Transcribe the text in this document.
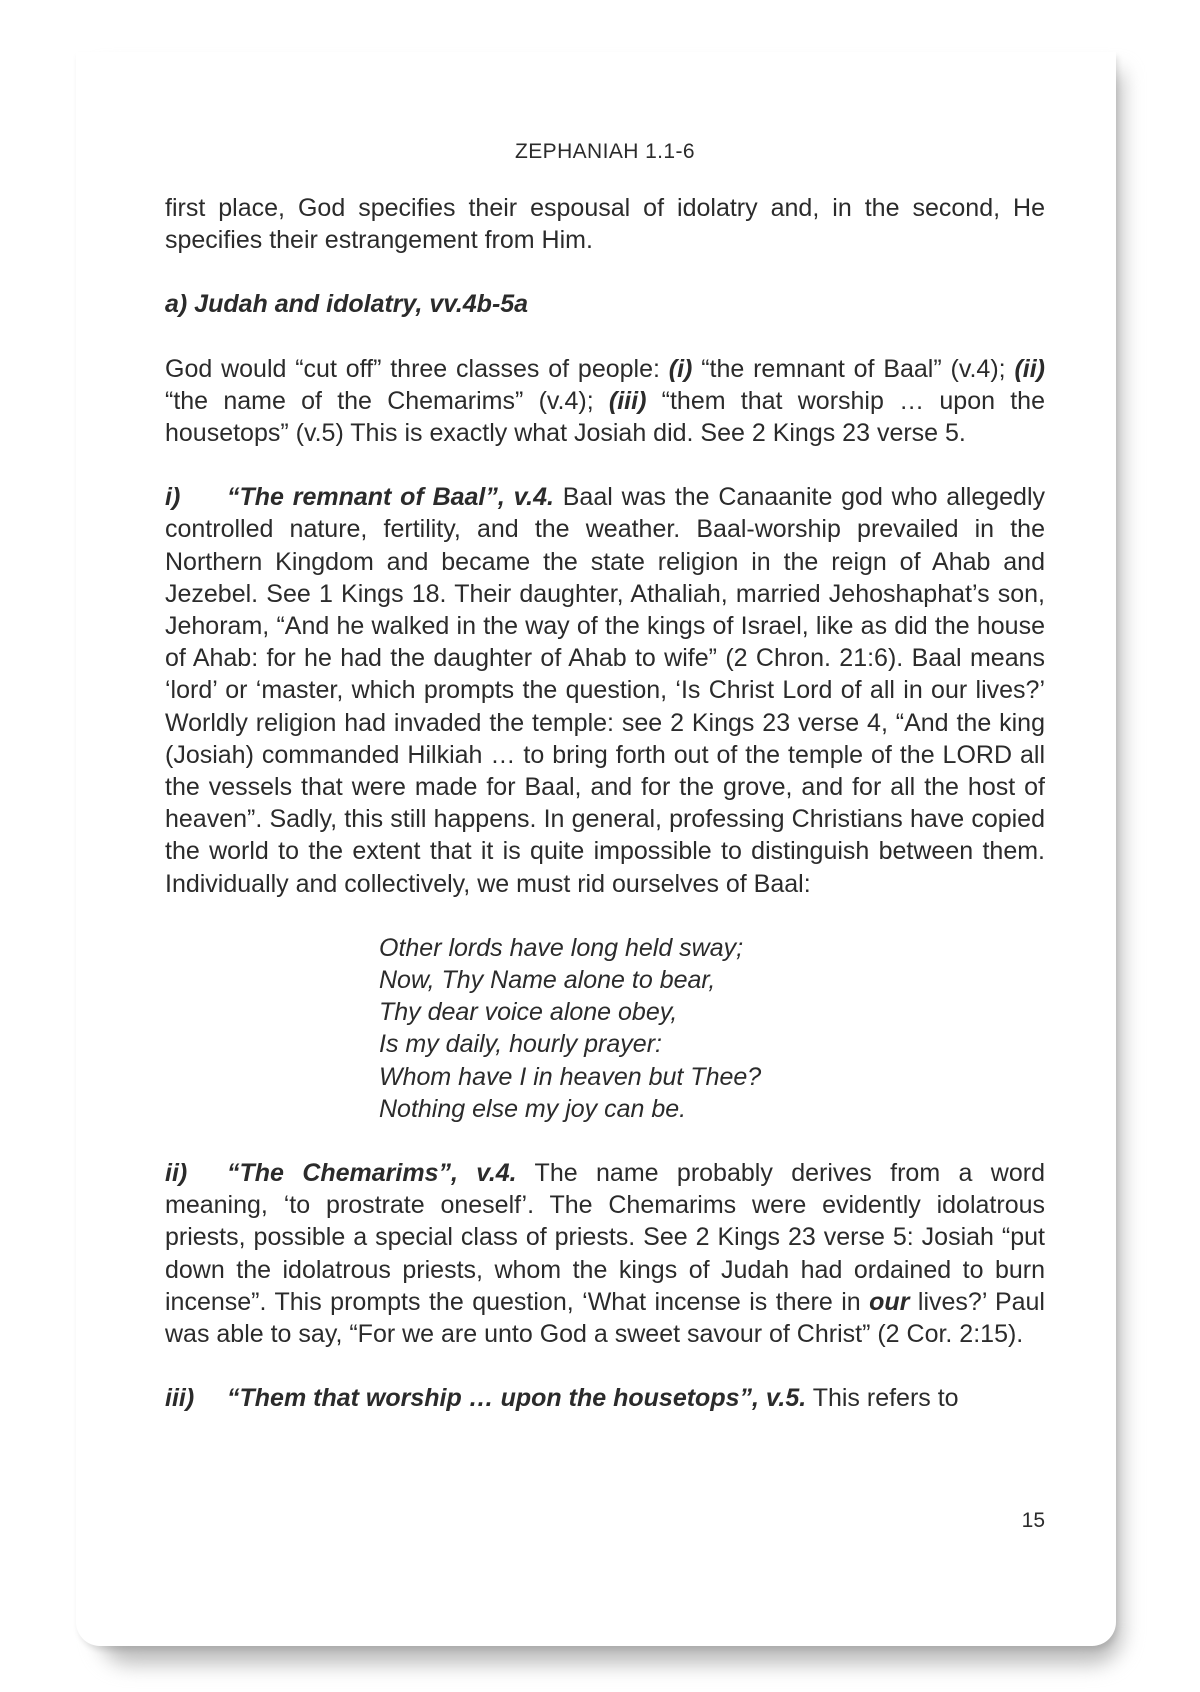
ZEPHANIAH 1.1-6

first place, God specifies their espousal of idolatry and, in the second, He specifies their estrangement from Him.

a) Judah and idolatry, vv.4b-5a

God would “cut off” three classes of people: (i) “the remnant of Baal” (v.4); (ii) “the name of the Chemarims” (v.4); (iii) “them that worship … upon the housetops” (v.5) This is exactly what Josiah did. See 2 Kings 23 verse 5.

i) “The remnant of Baal”, v.4. Baal was the Canaanite god who allegedly controlled nature, fertility, and the weather. Baal-worship prevailed in the Northern Kingdom and became the state religion in the reign of Ahab and Jezebel. See 1 Kings 18. Their daughter, Athaliah, married Jehoshaphat’s son, Jehoram, “And he walked in the way of the kings of Israel, like as did the house of Ahab: for he had the daughter of Ahab to wife” (2 Chron. 21:6). Baal means ‘lord’ or ‘master, which prompts the question, ‘Is Christ Lord of all in our lives?’ Worldly religion had invaded the temple: see 2 Kings 23 verse 4, “And the king (Josiah) commanded Hilkiah … to bring forth out of the temple of the LORD all the vessels that were made for Baal, and for the grove, and for all the host of heaven”. Sadly, this still happens. In general, professing Christians have copied the world to the extent that it is quite impossible to distinguish between them. Individually and collectively, we must rid ourselves of Baal:

Other lords have long held sway;
Now, Thy Name alone to bear,
Thy dear voice alone obey,
Is my daily, hourly prayer:
Whom have I in heaven but Thee?
Nothing else my joy can be.

ii) “The Chemarims”, v.4. The name probably derives from a word meaning, ‘to prostrate oneself’. The Chemarims were evidently idolatrous priests, possible a special class of priests. See 2 Kings 23 verse 5: Josiah “put down the idolatrous priests, whom the kings of Judah had ordained to burn incense”. This prompts the question, ‘What incense is there in our lives?’ Paul was able to say, “For we are unto God a sweet savour of Christ” (2 Cor. 2:15).

iii) “Them that worship … upon the housetops”, v.5. This refers to

15
